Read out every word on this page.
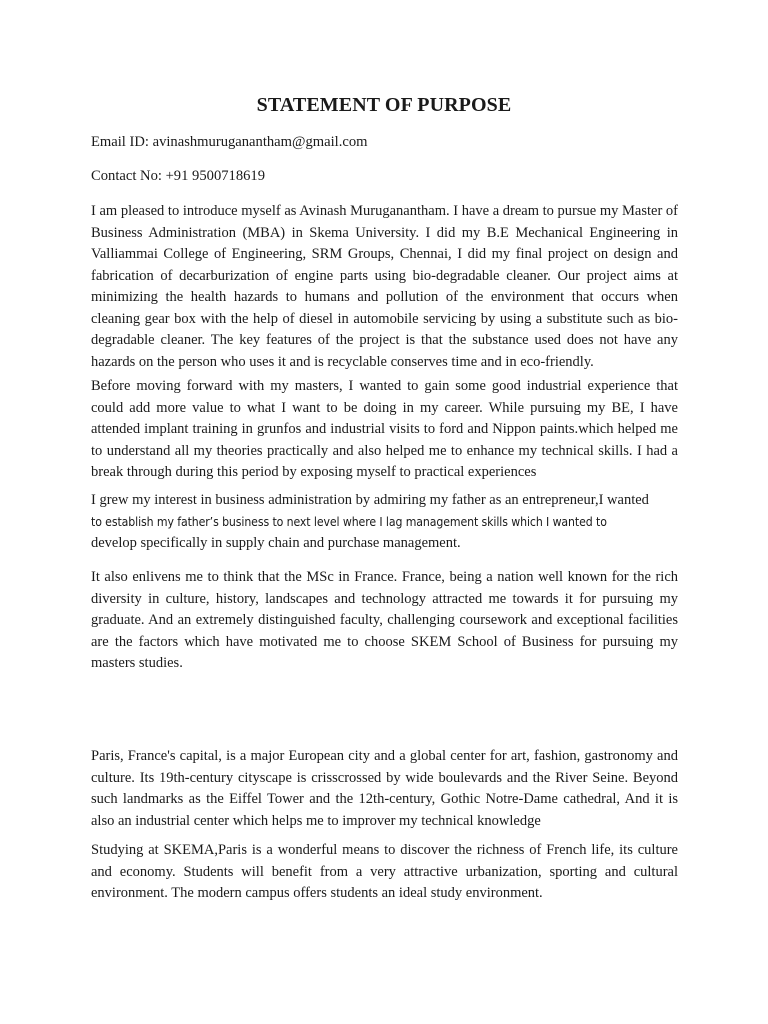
STATEMENT OF PURPOSE
Email ID: avinashmuruganantham@gmail.com
Contact No: +91 9500718619

I am pleased to introduce myself as Avinash Muruganantham. I have a dream to pursue my Master of Business Administration (MBA) in Skema University. I did my B.E Mechanical Engineering in Valliammai College of Engineering, SRM Groups, Chennai, I did my final project on design and fabrication of decarburization of engine parts using bio-degradable cleaner. Our project aims at minimizing the health hazards to humans and pollution of the environment that occurs when cleaning gear box with the help of diesel in automobile servicing by using a substitute such as bio-degradable cleaner. The key features of the project is that the substance used does not have any hazards on the person who uses it and is recyclable conserves time and in eco-friendly.

Before moving forward with my masters, I wanted to gain some good industrial experience that could add more value to what I want to be doing in my career. While pursuing my BE, I have attended implant training in grunfos and industrial visits to ford and Nippon paints.which helped me to understand all my theories practically and also helped me to enhance my technical skills. I had a break through during this period by exposing myself to practical experiences

I grew my interest in business administration by admiring my father as an entrepreneur,I wanted
to establish my father’s business to next level where I lag management skills which I wanted to
develop specifically in supply chain and purchase management.

It also enlivens me to think that the MSc in France. France, being a nation well known for the rich diversity in culture, history, landscapes and technology attracted me towards it for pursuing my graduate. And an extremely distinguished faculty, challenging coursework and exceptional facilities are the factors which have motivated me to choose SKEM School of Business for pursuing my masters studies.

Paris, France's capital, is a major European city and a global center for art, fashion, gastronomy and culture. Its 19th-century cityscape is crisscrossed by wide boulevards and the River Seine. Beyond such landmarks as the Eiffel Tower and the 12th-century, Gothic Notre-Dame cathedral, And it is also an industrial center which helps me to improver my technical knowledge

Studying at SKEMA,Paris is a wonderful means to discover the richness of French life, its culture and economy. Students will benefit from a very attractive urbanization, sporting and cultural environment. The modern campus offers students an ideal study environment.
